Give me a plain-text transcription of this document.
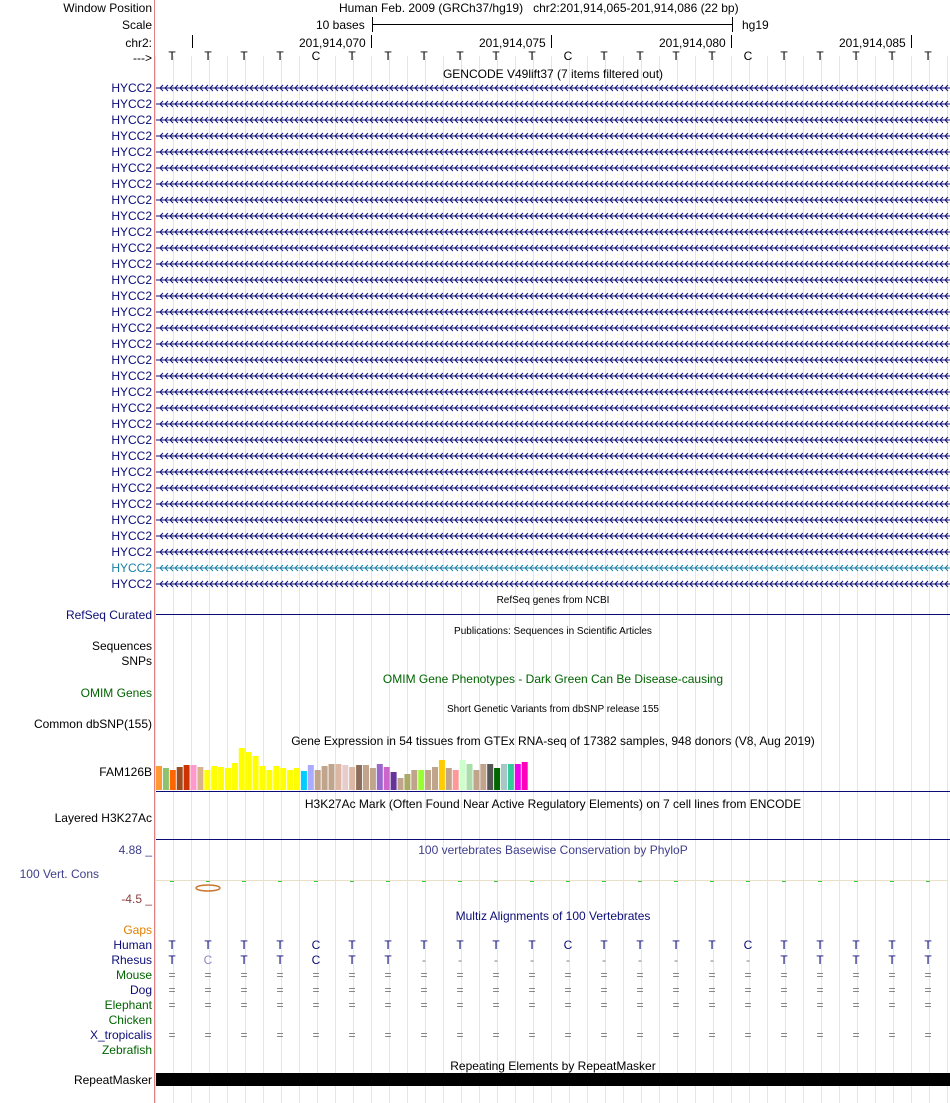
Window Position
Scale
chr2:
--->
Human Feb. 2009 (GRCh37/hg19)   chr2:201,914,065-201,914,086 (22 bp)
10 bases	hg19
201,914,070	201,914,075	201,914,080	201,914,085
T	T	T	T	C	T	T	T	T	T	T	C	T	T	T	T	C	T	T	T	T	T
GENCODE V49lift37 (7 items filtered out)
HYCC2
HYCC2
HYCC2
HYCC2
HYCC2
HYCC2
HYCC2
HYCC2
HYCC2
HYCC2
HYCC2
HYCC2
HYCC2
HYCC2
HYCC2
HYCC2
HYCC2
HYCC2
HYCC2
HYCC2
HYCC2
HYCC2
HYCC2
HYCC2
HYCC2
HYCC2
HYCC2
HYCC2
HYCC2
HYCC2
HYCC2
HYCC2
RefSeq Curated
RefSeq genes from NCBI
Publications: Sequences in Scientific Articles
Sequences
SNPs
OMIM Gene Phenotypes - Dark Green Can Be Disease-causing
OMIM Genes
Short Genetic Variants from dbSNP release 155
Common dbSNP(155)
Gene Expression in 54 tissues from GTEx RNA-seq of 17382 samples, 948 donors (V8, Aug 2019)
FAM126B
H3K27Ac Mark (Often Found Near Active Regulatory Elements) on 7 cell lines from ENCODE
Layered H3K27Ac
100 vertebrates Basewise Conservation by PhyloP
4.88 _
100 Vert. Cons
-4.5 _
Multiz Alignments of 100 Vertebrates
Gaps
Human	T	T	T	T	C	T	T	T	T	T	T	C	T	T	T	T	C	T	T	T	T	T
Rhesus	T	C	T	T	C	T	T	-	-	-	-	-	-	-	-	-	-	T	T	T	T	T
Mouse	=	=	=	=	=	=	=	=	=	=	=	=	=	=	=	=	=	=	=	=	=	=
Dog	=	=	=	=	=	=	=	=	=	=	=	=	=	=	=	=	=	=	=	=	=	=
Elephant	=	=	=	=	=	=	=	=	=	=	=	=	=	=	=	=	=	=	=	=	=	=
Chicken
X_tropicalis	=	=	=	=	=	=	=	=	=	=	=	=	=	=	=	=	=	=	=	=	=	=
Zebrafish
Repeating Elements by RepeatMasker
RepeatMasker
